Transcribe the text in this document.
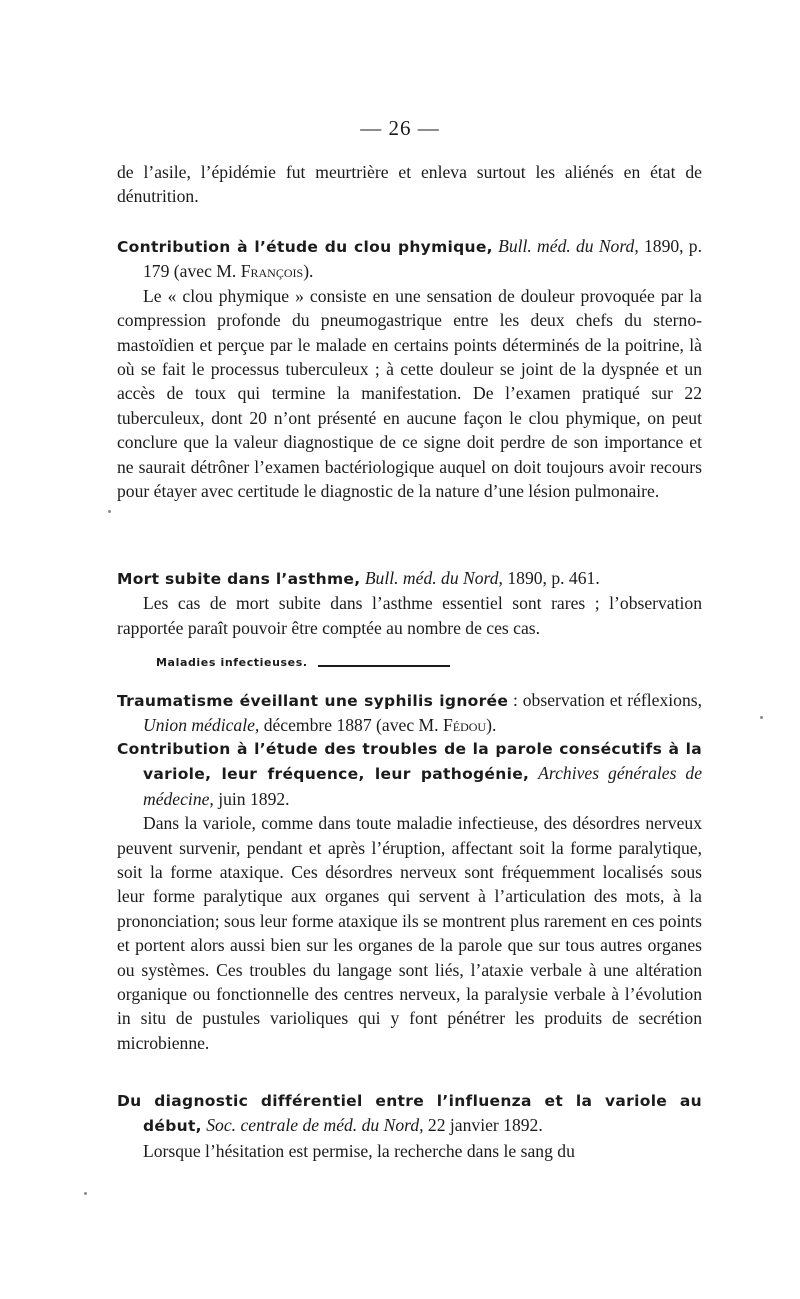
— 26 —

de l’asile, l’épidémie fut meurtrière et enleva surtout les aliénés en état de dénutrition.

Contribution à l’étude du clou phymique, Bull. méd. du Nord, 1890, p. 179 (avec M. François).

Le « clou phymique » consiste en une sensation de douleur provoquée par la compression profonde du pneumogastrique entre les deux chefs du sterno-mastoïdien et perçue par le malade en certains points déterminés de la poitrine, là où se fait le processus tuberculeux ; à cette douleur se joint de la dyspnée et un accès de toux qui termine la manifestation. De l’examen pratiqué sur 22 tuberculeux, dont 20 n’ont présenté en aucune façon le clou phymique, on peut conclure que la valeur diagnostique de ce signe doit perdre de son importance et ne saurait détrôner l’examen bactériologique auquel on doit toujours avoir recours pour étayer avec certitude le diagnostic de la nature d’une lésion pulmonaire.

Mort subite dans l’asthme, Bull. méd. du Nord, 1890, p. 461.

Les cas de mort subite dans l’asthme essentiel sont rares ; l’observation rapportée paraît pouvoir être comptée au nombre de ces cas.

Maladies infectieuses.

Traumatisme éveillant une syphilis ignorée : observation et réflexions, Union médicale, décembre 1887 (avec M. Fédou).

Contribution à l’étude des troubles de la parole consécutifs à la variole, leur fréquence, leur pathogénie, Archives générales de médecine, juin 1892.

Dans la variole, comme dans toute maladie infectieuse, des désordres nerveux peuvent survenir, pendant et après l’éruption, affectant soit la forme paralytique, soit la forme ataxique. Ces désordres nerveux sont fréquemment localisés sous leur forme paralytique aux organes qui servent à l’articulation des mots, à la prononciation; sous leur forme ataxique ils se montrent plus rarement en ces points et portent alors aussi bien sur les organes de la parole que sur tous autres organes ou systèmes. Ces troubles du langage sont liés, l’ataxie verbale à une altération organique ou fonctionnelle des centres nerveux, la paralysie verbale à l’évolution in situ de pustules varioliques qui y font pénétrer les produits de secrétion microbienne.

Du diagnostic différentiel entre l’influenza et la variole au début, Soc. centrale de méd. du Nord, 22 janvier 1892.

Lorsque l’hésitation est permise, la recherche dans le sang du
